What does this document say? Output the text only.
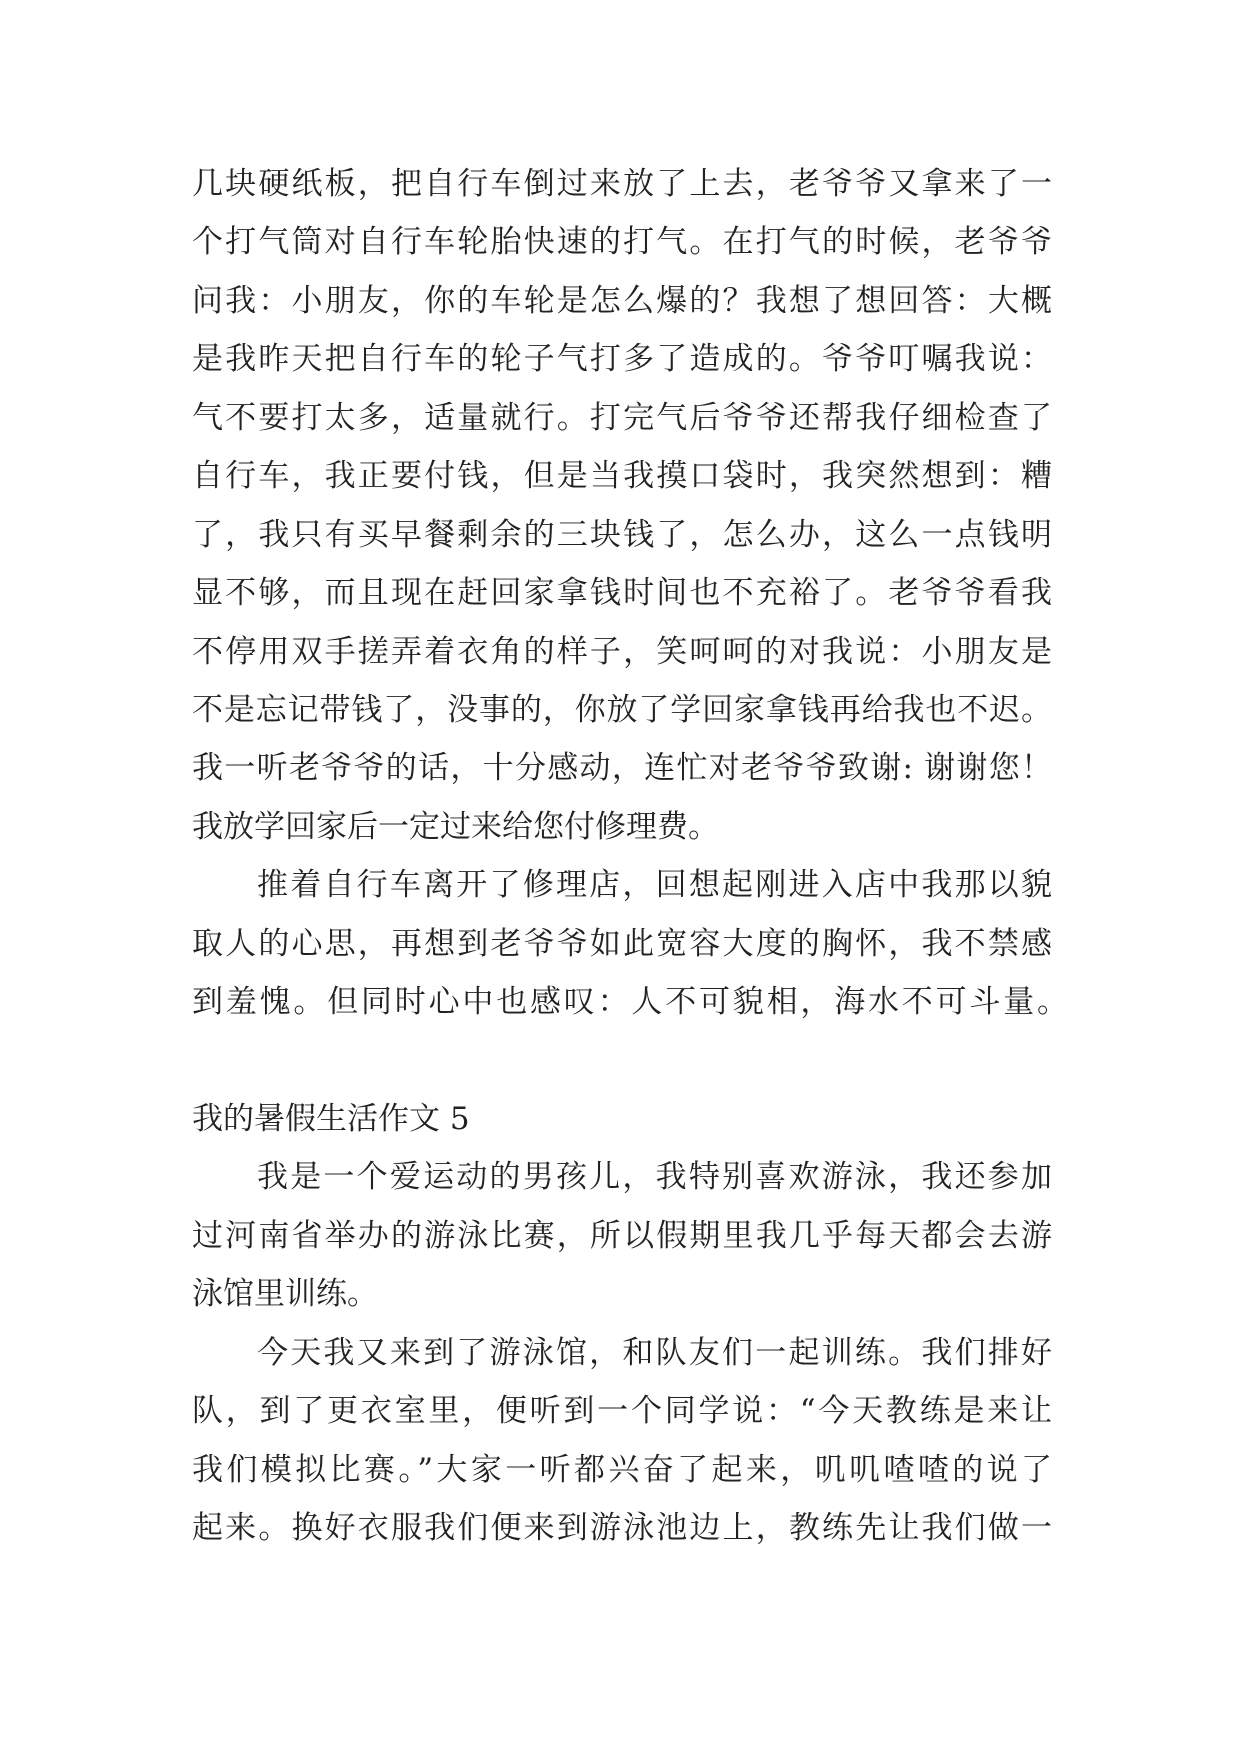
几块硬纸板，把自行车倒过来放了上去，老爷爷又拿来了一
个打气筒对自行车轮胎快速的打气。在打气的时候，老爷爷
问我：小朋友，你的车轮是怎么爆的？我想了想回答：大概
是我昨天把自行车的轮子气打多了造成的。爷爷叮嘱我说：
气不要打太多，适量就行。打完气后爷爷还帮我仔细检查了
自行车，我正要付钱，但是当我摸口袋时，我突然想到：糟
了，我只有买早餐剩余的三块钱了，怎么办，这么一点钱明
显不够，而且现在赶回家拿钱时间也不充裕了。老爷爷看我
不停用双手搓弄着衣角的样子，笑呵呵的对我说：小朋友是
不是忘记带钱了，没事的，你放了学回家拿钱再给我也不迟。
我一听老爷爷的话，十分感动，连忙对老爷爷致谢: 谢谢您！
我放学回家后一定过来给您付修理费。
推着自行车离开了修理店，回想起刚进入店中我那以貌
取人的心思，再想到老爷爷如此宽容大度的胸怀，我不禁感
到羞愧。但同时心中也感叹：人不可貌相，海水不可斗量。
我的暑假生活作文 5
我是一个爱运动的男孩儿，我特别喜欢游泳，我还参加
过河南省举办的游泳比赛，所以假期里我几乎每天都会去游
泳馆里训练。
今天我又来到了游泳馆，和队友们一起训练。我们排好
队，到了更衣室里，便听到一个同学说：“今天教练是来让
我们模拟比赛。”大家一听都兴奋了起来，叽叽喳喳的说了
起来。换好衣服我们便来到游泳池边上，教练先让我们做一
